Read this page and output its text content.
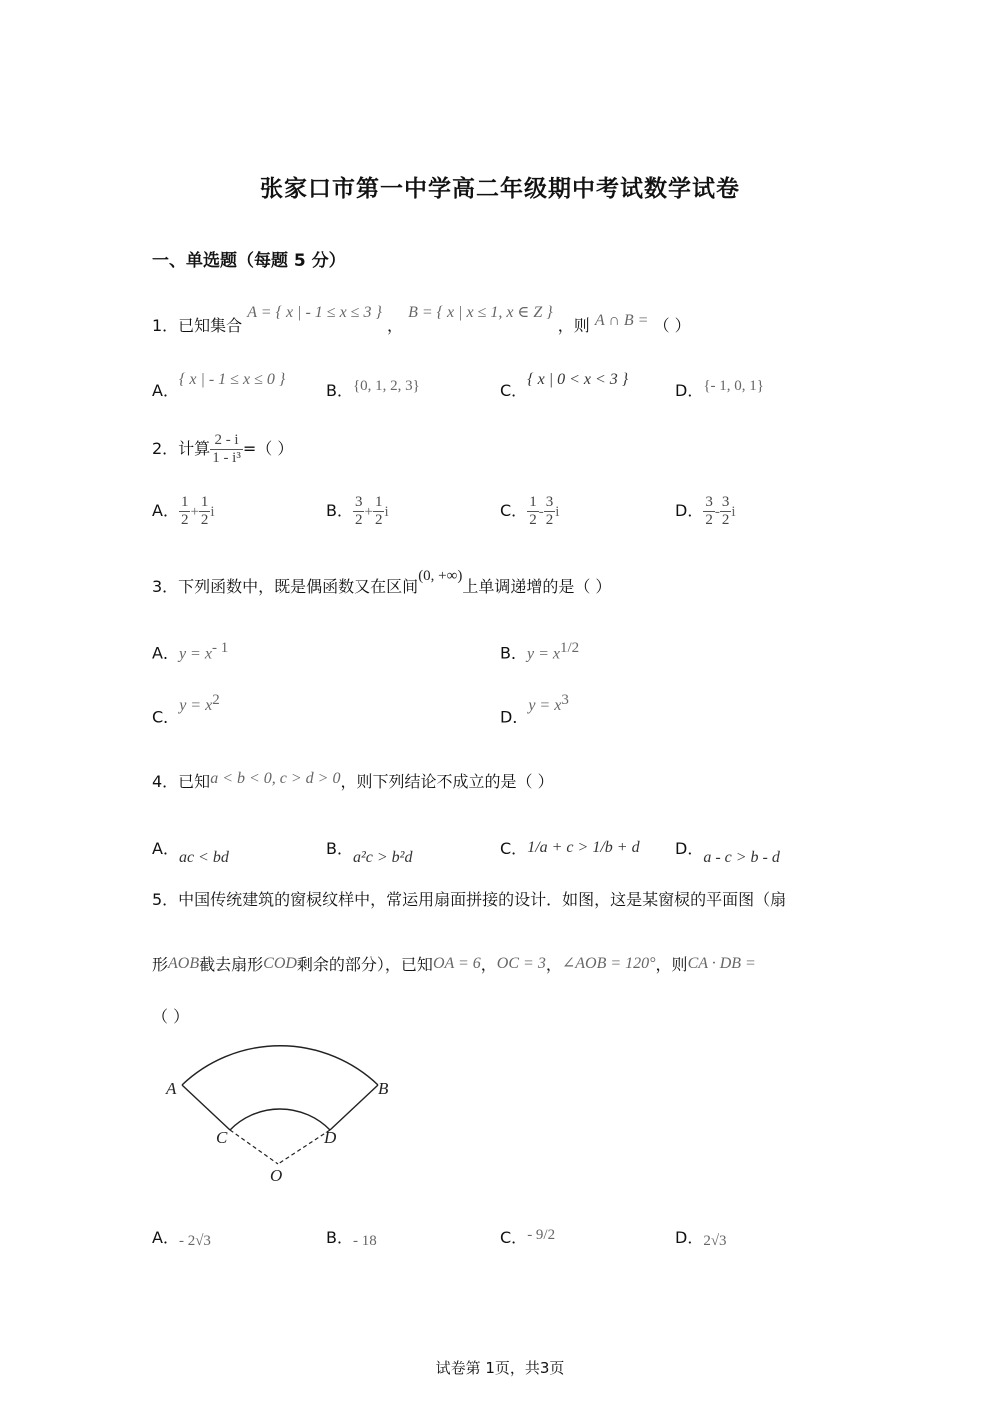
张家口市第一中学高二年级期中考试数学试卷
一、单选题（每题 5 分）
1．已知集合 A = { x | - 1 ≤ x ≤ 3 } ， B = { x | x ≤ 1, x ∈ Z } ，则 A ∩ B = （ ）
A．{ x | - 1 ≤ x ≤ 0 }
B．{0, 1, 2, 3}	C．{ x | 0 < x < 3 }
D．{- 1, 0, 1}
2．计算 $\frac{2 - i}{\text{1 - i³}}$ =（ ）
A． $\frac{1}{2} + \frac{1}{2}$ i	B． $\frac{3}{2} + \frac{1}{2}$ i	C． $\frac{1}{2} - \frac{3}{2}$ i	D． $\frac{3}{2} - \frac{3}{2}$ i
3．下列函数中，既是偶函数又在区间(0, +∞)上单调递增的是（ ）
A．$y = x^{- 1}$	B．$y = x^{1/2}$
C．$y = x^2$
D．$y = x^3$
4．已知a < b < 0, c > d > 0，则下列结论不成立的是（ ）
A．ac < bd	B．a²c > b²d	C．1/a + c > 1/b + d D．a - c > b - d
5．中国传统建筑的窗棂纹样中，常运用扇面拼接的设计．如图，这是某窗棂的平面图（扇
形AOB截去扇形COD剩余的部分），已知OA = 6，OC = 3，∠AOB = 120°，则CA · DB =
（ ）
A	B
C	D
O
A．- 2√3	B．- 18	C．- 9/2	D．2√3
试卷第 1页，共3页
